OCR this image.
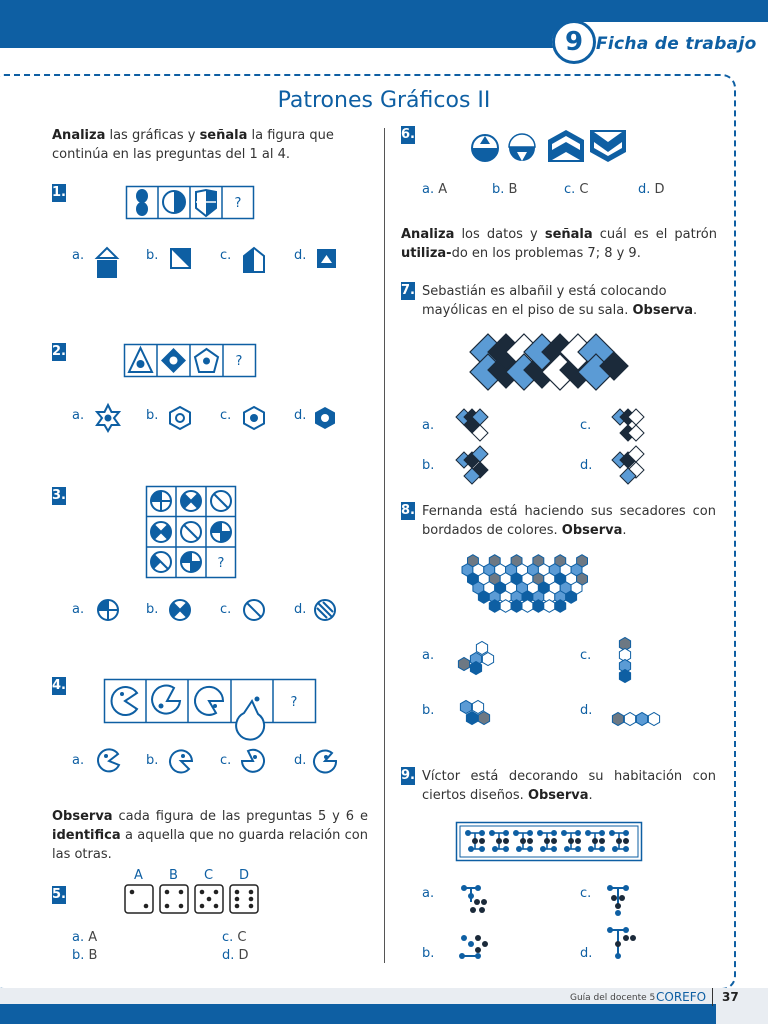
9 Ficha de trabajo
Patrones Gráficos II
Analiza las gráficas y señala la figura que continúa en las preguntas del 1 al 4.
1.
?
a.	b.	c.	d.
2.
?
a.	b.	c.	d.
3.
?
a.	b.	c.	d.
4.
?
a.	b.	c.	d.
Observa cada figura de las preguntas 5 y 6 e identifica a aquella que no guarda relación con las otras.
5.
A B C D
a. A
b. B
c. C
d. D
6.
a. A	b. B	c. C	d. D
Analiza los datos y señala cuál es el patrón utiliza-do en los problemas 7; 8 y 9.
7. Sebastián es albañil y está colocando mayólicas en el piso de su sala. Observa.
a.
b.
c.
d.
8. Fernanda está haciendo sus secadores con bordados de colores. Observa.
a.
b.
c.
d.
9. Víctor está decorando su habitación con ciertos diseños. Observa.
a.
b.
c.
d.
Guía del docente 5 COREFO 37
